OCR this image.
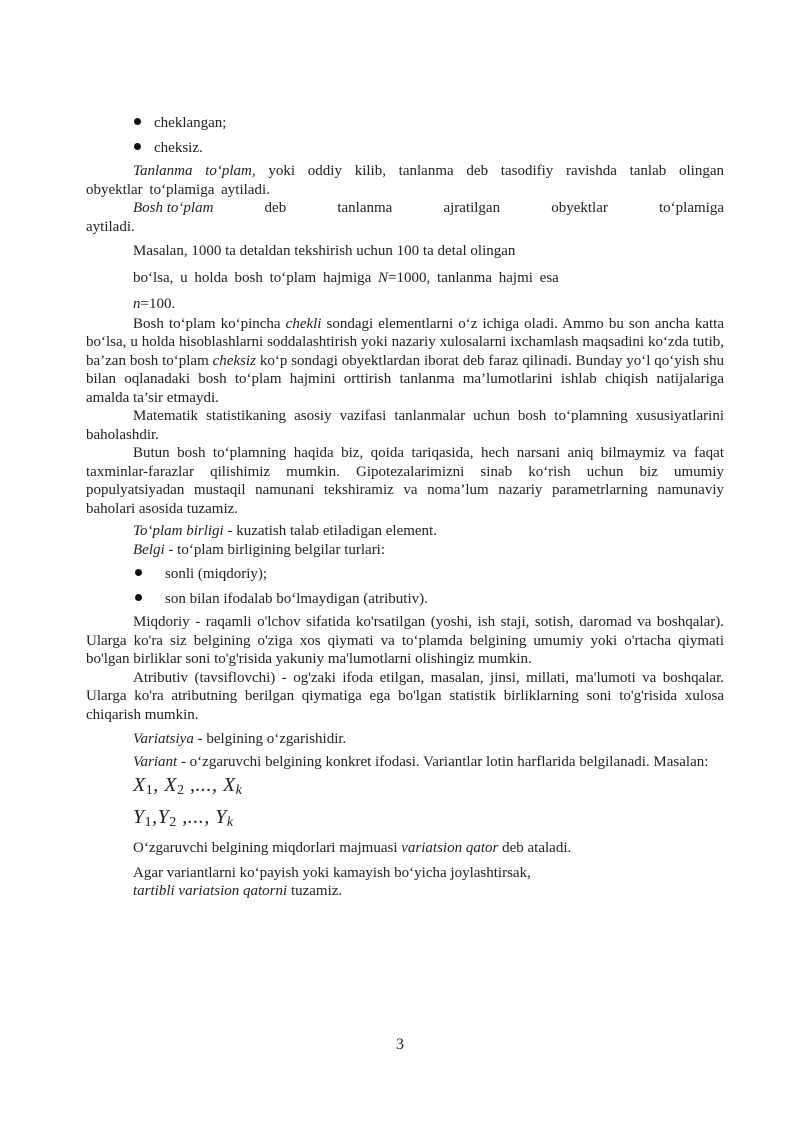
cheklangan;
cheksiz.

Tanlanma to‘plam, yoki oddiy kilib, tanlanma deb tasodifiy ravishda tanlab olingan obyektlar to‘plamiga aytiladi.

Bosh to‘plam	deb	tanlanma	ajratilgan	obyektlar	to‘plamiga

aytiladi.

Masalan, 1000 ta detaldan tekshirish uchun 100 ta detal olingan

bo‘lsa, u holda bosh to‘plam hajmiga N=1000, tanlanma hajmi esa

n=100.

Bosh to‘plam ko‘pincha chekli sondagi elementlarni o‘z ichiga oladi. Ammo bu son ancha katta bo‘lsa, u holda hisoblashlarni soddalashtirish yoki nazariy xulosalarni ixchamlash maqsadini ko‘zda tutib, ba’zan bosh to‘plam cheksiz ko‘p sondagi obyektlardan iborat deb faraz qilinadi. Bunday yo‘l qo‘yish shu bilan oqlanadaki bosh to‘plam hajmini orttirish tanlanma ma’lumotlarini ishlab chiqish natijalariga amalda ta’sir etmaydi.

Matematik statistikaning asosiy vazifasi tanlanmalar uchun bosh to‘plamning xususiyatlarini baholashdir.

Butun bosh to‘plamning haqida biz, qoida tariqasida, hech narsani aniq bilmaymiz va faqat taxminlar-farazlar qilishimiz mumkin. Gipotezalarimizni sinab ko‘rish uchun biz umumiy populyatsiyadan mustaqil namunani tekshiramiz va noma’lum nazariy parametrlarning namunaviy baholari asosida tuzamiz.

To‘plam birligi - kuzatish talab etiladigan element.

Belgi - to‘plam birligining belgilar turlari:

sonli (miqdoriy);
son bilan ifodalab bo‘lmaydigan (atributiv).

Miqdoriy - raqamli o'lchov sifatida ko'rsatilgan (yoshi, ish staji, sotish, daromad va boshqalar). Ularga ko'ra siz belgining o'ziga xos qiymati va to‘plamda belgining umumiy yoki o'rtacha qiymati bo'lgan birliklar soni to'g'risida yakuniy ma'lumotlarni olishingiz mumkin.

Atributiv (tavsiflovchi) - og'zaki ifoda etilgan, masalan, jinsi, millati, ma'lumoti va boshqalar. Ularga ko'ra atributning berilgan qiymatiga ega bo'lgan statistik birliklarning soni to'g'risida xulosa chiqarish mumkin.

Variatsiya - belgining o‘zgarishidir.

Variant - o‘zgaruvchi belgining konkret ifodasi. Variantlar lotin harflarida belgilanadi. Masalan:

$X_1$, $X_2$ ,..., $X_k$
$Y_1,Y_2$ ,..., $Y_k$

O‘zgaruvchi belgining miqdorlari majmuasi variatsion qator deb ataladi.

Agar variantlarni ko‘payish yoki kamayish bo‘yicha joylashtirsak,

tartibli variatsion qatorni tuzamiz.

3
